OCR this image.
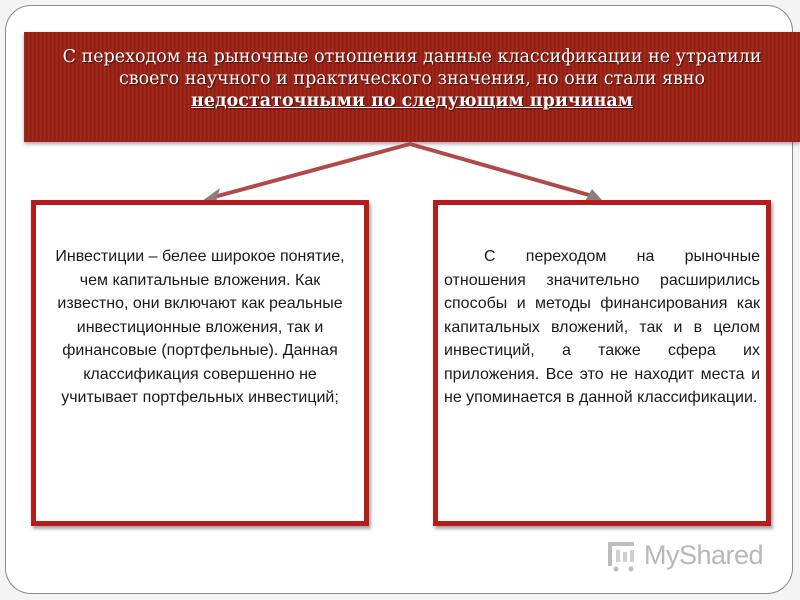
С переходом на рыночные отношения данные классификации не утратили
своего научного и практического значения, но они стали явно
недостаточными по следующим причинам
Инвестиции – белее широкое понятие, чем капитальные вложения. Как известно, они включают как реальные инвестиционные вложения, так и финансовые (портфельные). Данная классификация совершенно не учитывает портфельных инвестиций;
С переходом на рыночные отношения значительно расширились способы и методы финансирования как капитальных вложений, так и в целом инвестиций, а также сфера их приложения. Все это не находит места и не упоминается в данной классификации.
MyShared
